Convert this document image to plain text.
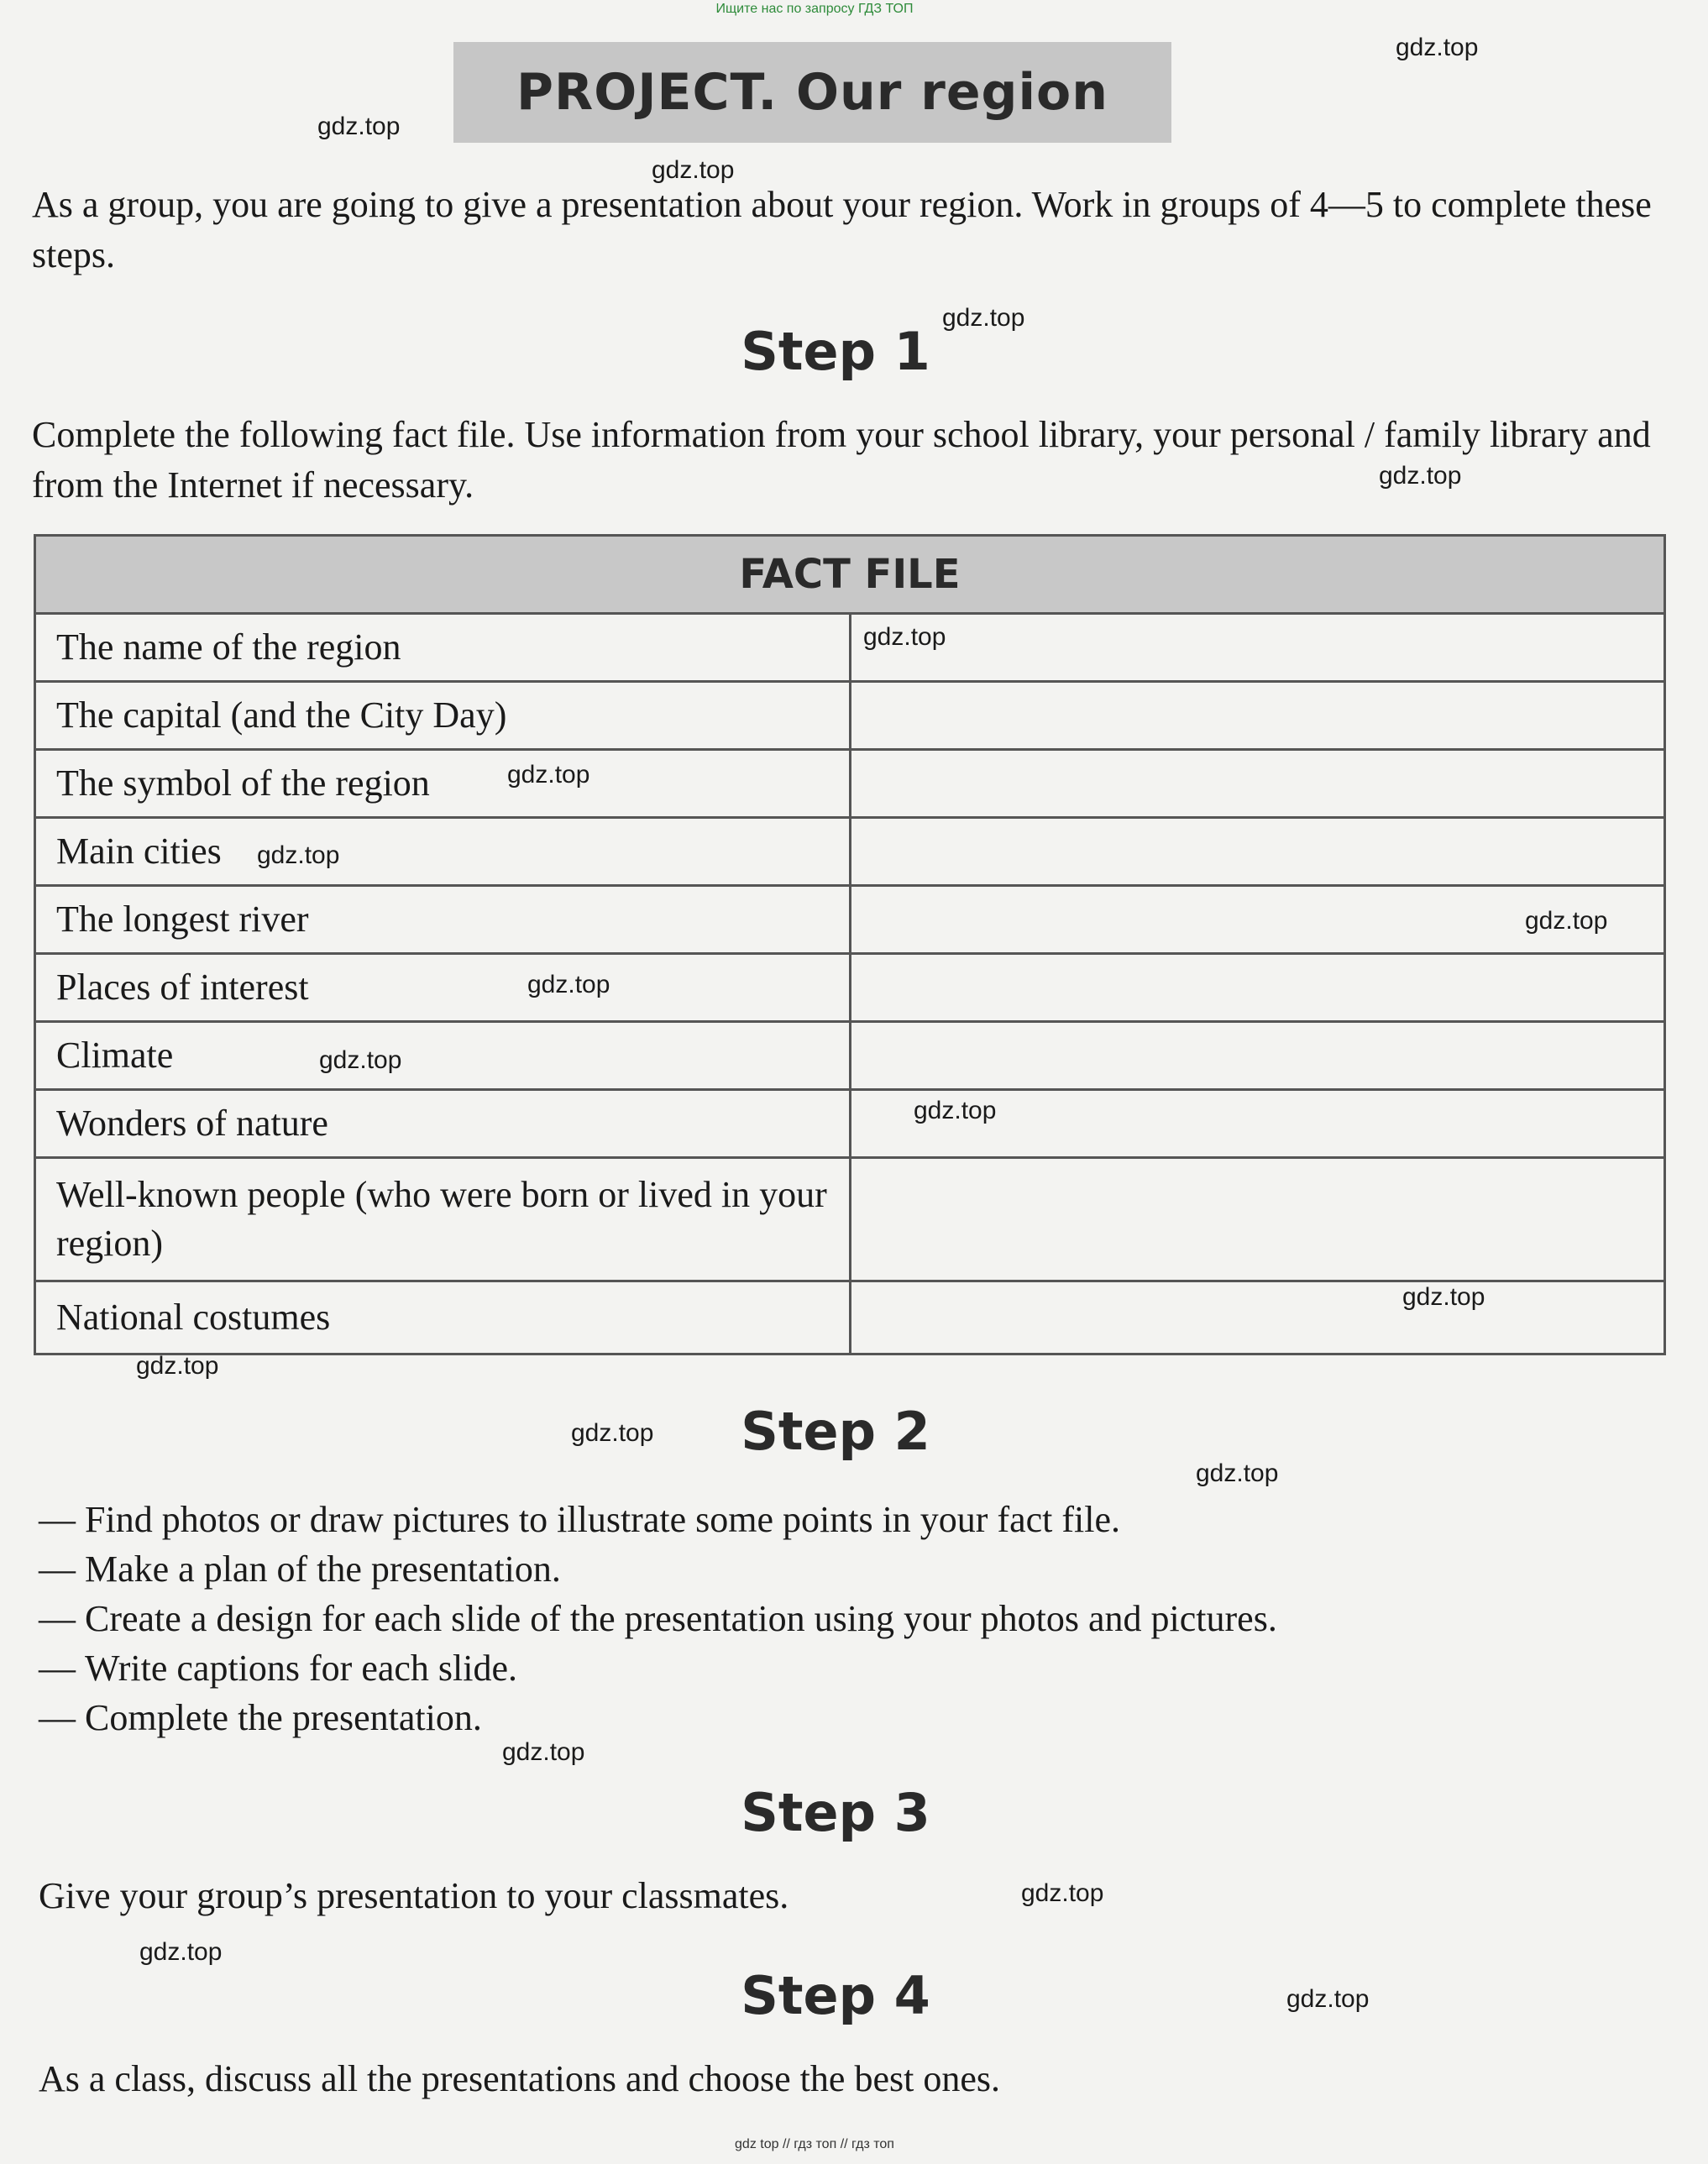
Ищите нас по запросу ГДЗ ТОП
PROJECT. Our region
As a group, you are going to give a presentation about your region. Work in groups of 4—5 to complete these steps.
Step 1
Complete the following fact file. Use information from your school library, your personal / family library and from the Internet if necessary.
FACT FILE	
The name of the region	
The capital (and the City Day)	
The symbol of the region	
Main cities	
The longest river	
Places of interest	
Climate	
Wonders of nature	
Well-known people (who were born or lived in your region)	
National costumes	
Step 2
— Find photos or draw pictures to illustrate some points in your fact file.
— Make a plan of the presentation.
— Create a design for each slide of the presentation using your photos and pictures.
— Write captions for each slide.
— Complete the presentation.
Step 3
Give your group’s presentation to your classmates.
Step 4
As a class, discuss all the presentations and choose the best ones.
gdz top // гдз топ // гдз топ
gdz.top
gdz.top
gdz.top
gdz.top
gdz.top
gdz.top
gdz.top
gdz.top
gdz.top
gdz.top
gdz.top
gdz.top
gdz.top
gdz.top
gdz.top
gdz.top
gdz.top
gdz.top
gdz.top
gdz.top
